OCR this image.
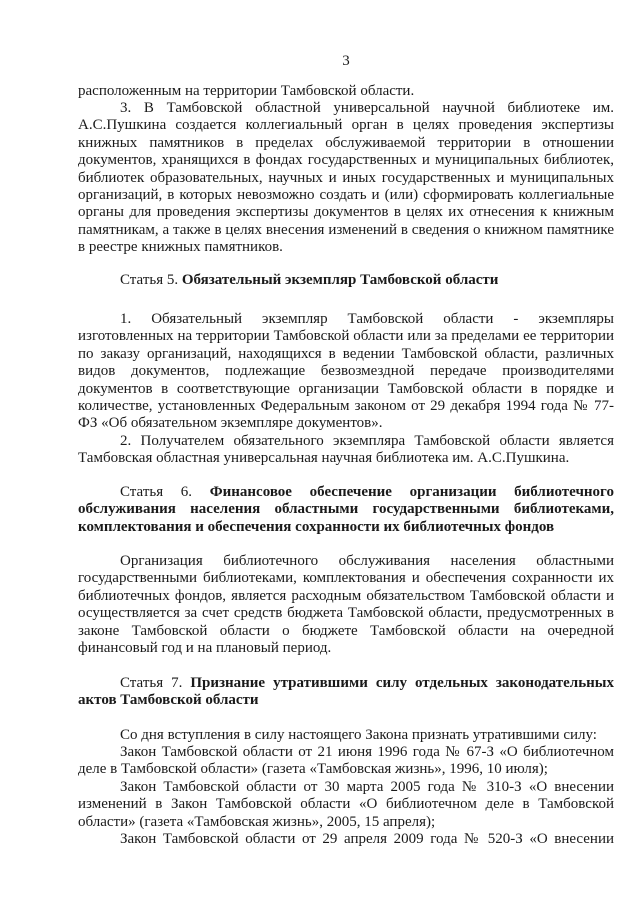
3

расположенным на территории Тамбовской области.

3. В Тамбовской областной универсальной научной библиотеке им. А.С.Пушкина создается коллегиальный орган в целях проведения экспертизы книжных памятников в пределах обслуживаемой территории в отношении документов, хранящихся в фондах государственных и муниципальных библиотек, библиотек образовательных, научных и иных государственных и муниципальных организаций, в которых невозможно создать и (или) сформировать коллегиальные органы для проведения экспертизы документов в целях их отнесения к книжным памятникам, а также в целях внесения изменений в сведения о книжном памятнике в реестре книжных памятников.

Статья 5. Обязательный экземпляр Тамбовской области

1. Обязательный экземпляр Тамбовской области - экземпляры изготовленных на территории Тамбовской области или за пределами ее территории по заказу организаций, находящихся в ведении Тамбовской области, различных видов документов, подлежащие безвозмездной передаче производителями документов в соответствующие организации Тамбовской области в порядке и количестве, установленных Федеральным законом от 29 декабря 1994 года № 77-ФЗ «Об обязательном экземпляре документов».

2. Получателем обязательного экземпляра Тамбовской области является Тамбовская областная универсальная научная библиотека им. А.С.Пушкина.

Статья 6. Финансовое обеспечение организации библиотечного обслуживания населения областными государственными библиотеками, комплектования и обеспечения сохранности их библиотечных фондов

Организация библиотечного обслуживания населения областными государственными библиотеками, комплектования и обеспечения сохранности их библиотечных фондов, является расходным обязательством Тамбовской области и осуществляется за счет средств бюджета Тамбовской области, предусмотренных в законе Тамбовской области о бюджете Тамбовской области на очередной финансовый год и на плановый период.

Статья 7. Признание утратившими силу отдельных законодательных актов Тамбовской области

Со дня вступления в силу настоящего Закона признать утратившими силу:

Закон Тамбовской области от 21 июня 1996 года № 67-З «О библиотечном деле в Тамбовской области» (газета «Тамбовская жизнь», 1996, 10 июля);

Закон Тамбовской области от 30 марта 2005 года № 310-З «О внесении изменений в Закон Тамбовской области «О библиотечном деле в Тамбовской области» (газета «Тамбовская жизнь», 2005, 15 апреля);

Закон Тамбовской области от 29 апреля 2009 года № 520-З «О внесении
